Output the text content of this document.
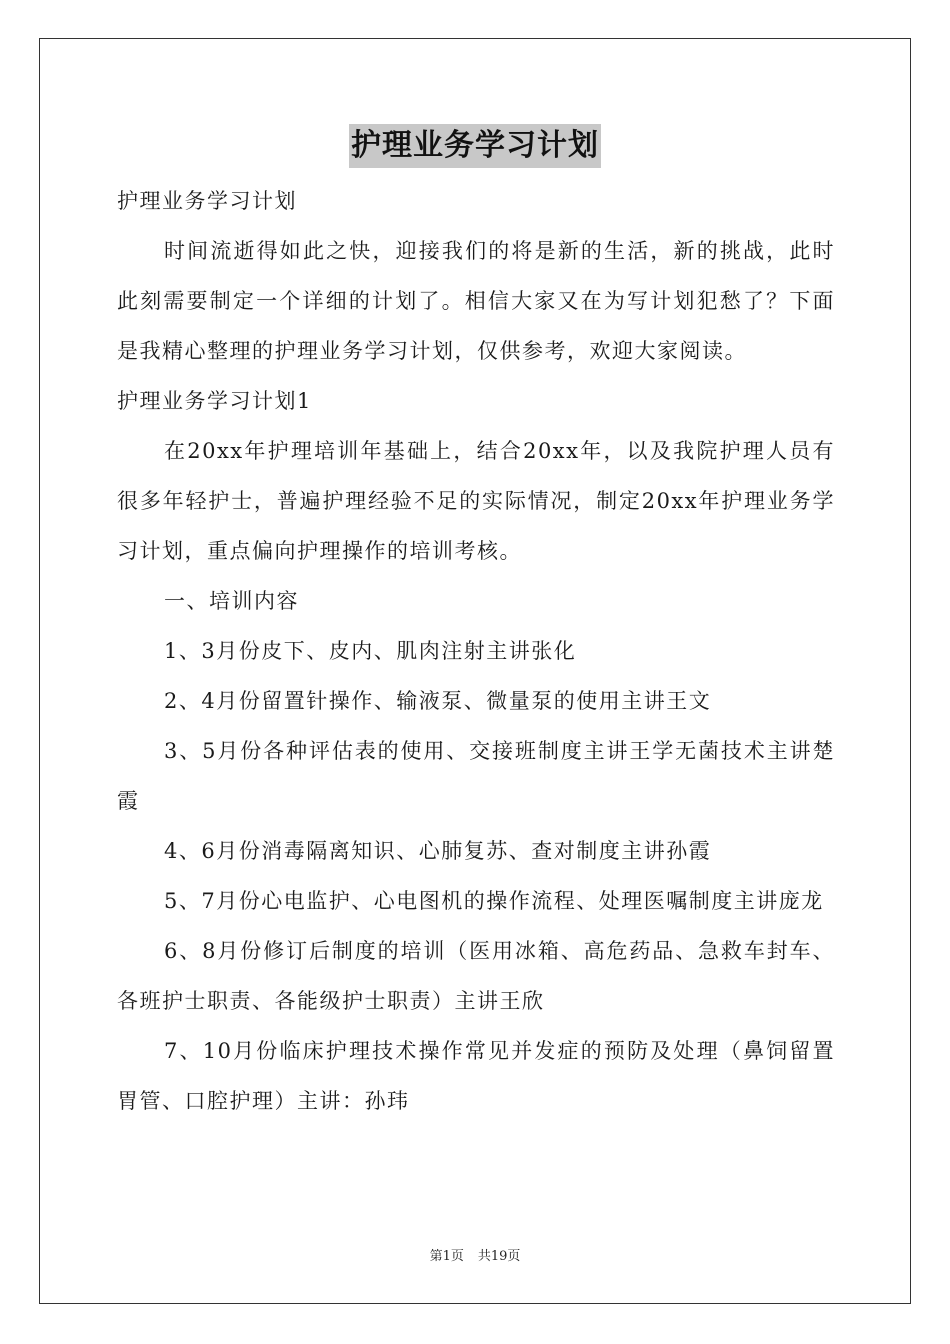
护理业务学习计划

护理业务学习计划

时间流逝得如此之快，迎接我们的将是新的生活，新的挑战，此时此刻需要制定一个详细的计划了。相信大家又在为写计划犯愁了？下面是我精心整理的护理业务学习计划，仅供参考，欢迎大家阅读。

护理业务学习计划1

在20xx年护理培训年基础上，结合20xx年，以及我院护理人员有很多年轻护士，普遍护理经验不足的实际情况，制定20xx年护理业务学习计划，重点偏向护理操作的培训考核。

一、培训内容

1、3月份皮下、皮内、肌肉注射主讲张化

2、4月份留置针操作、输液泵、微量泵的使用主讲王文

3、5月份各种评估表的使用、交接班制度主讲王学无菌技术主讲楚霞

4、6月份消毒隔离知识、心肺复苏、查对制度主讲孙霞

5、7月份心电监护、心电图机的操作流程、处理医嘱制度主讲庞龙

6、8月份修订后制度的培训（医用冰箱、高危药品、急救车封车、各班护士职责、各能级护士职责）主讲王欣

7、10月份临床护理技术操作常见并发症的预防及处理（鼻饲留置胃管、口腔护理）主讲：孙玮

第1页 共19页
